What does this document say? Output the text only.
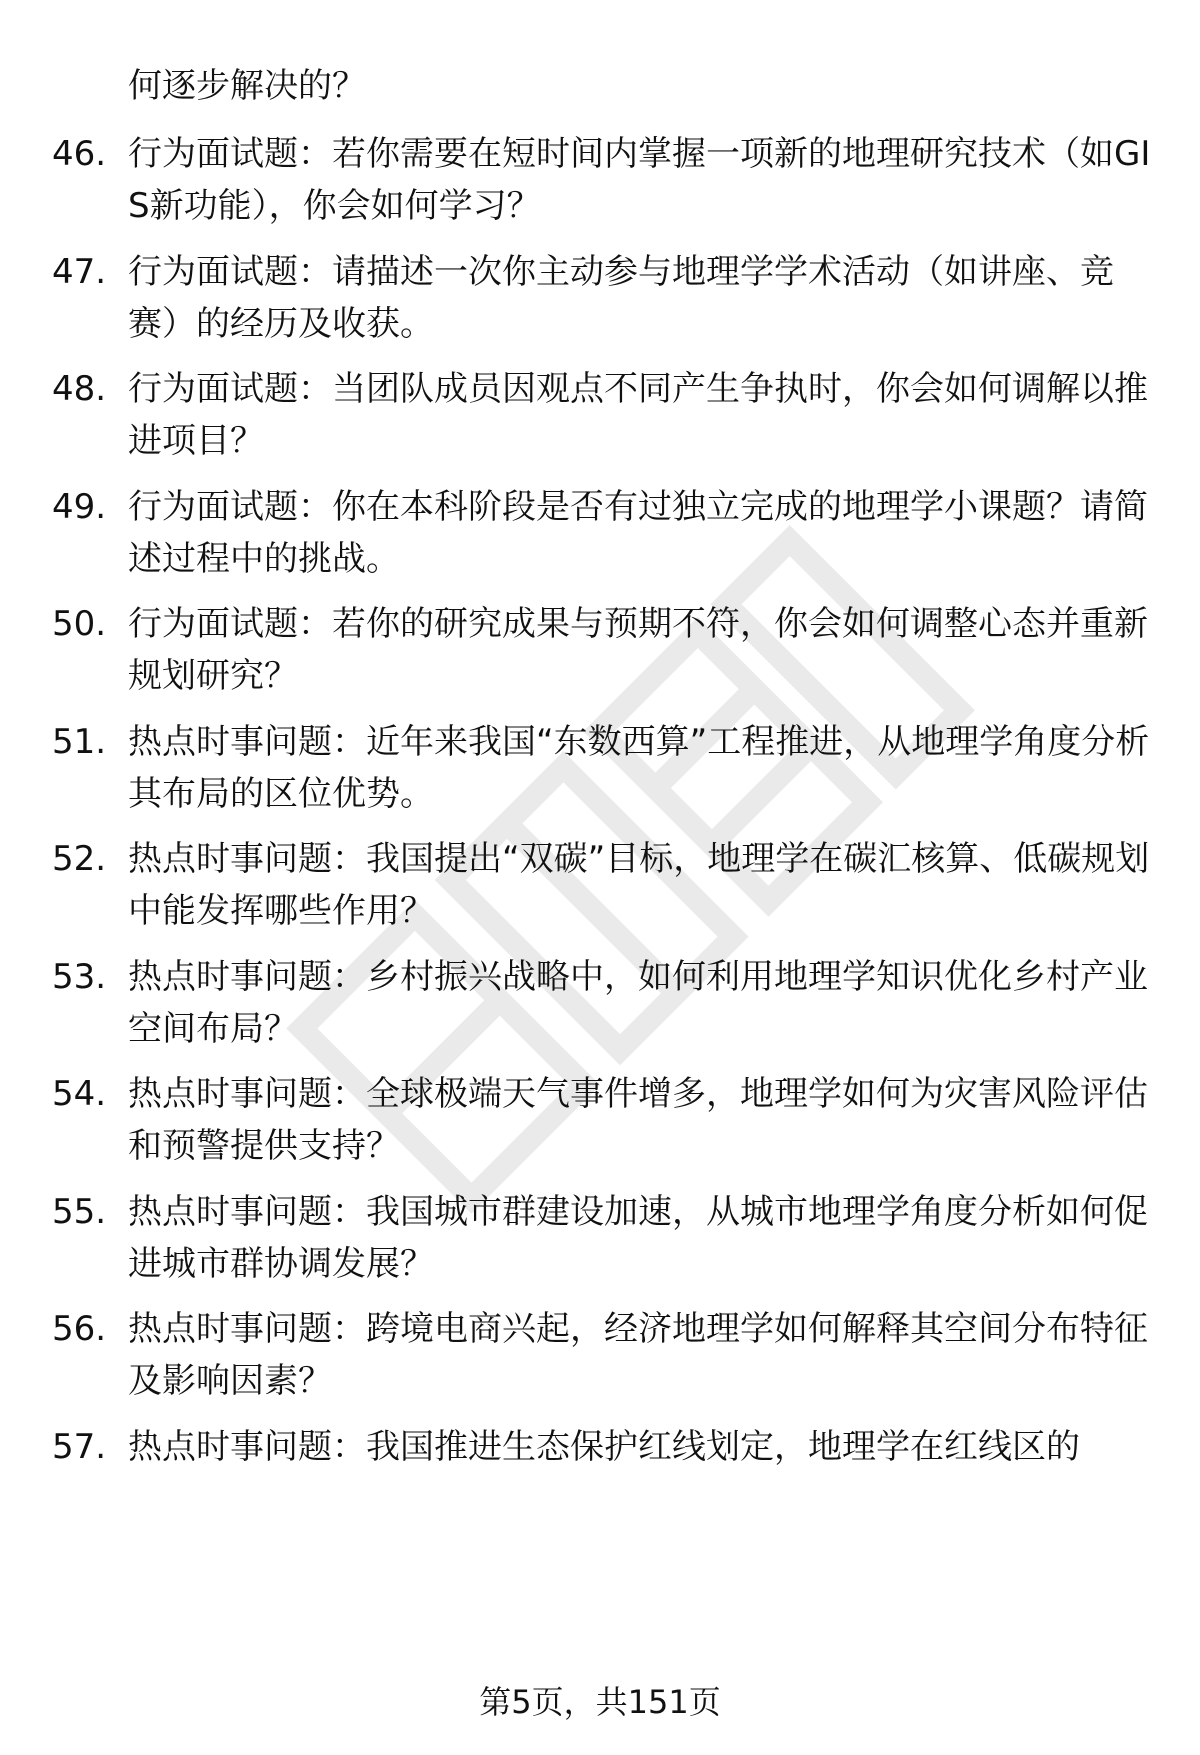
何逐步解决的？
46. 行为面试题：若你需要在短时间内掌握一项新的地理研究技术（如GIS新功能），你会如何学习？
47. 行为面试题：请描述一次你主动参与地理学学术活动（如讲座、竞赛）的经历及收获。
48. 行为面试题：当团队成员因观点不同产生争执时，你会如何调解以推进项目？
49. 行为面试题：你在本科阶段是否有过独立完成的地理学小课题？请简述过程中的挑战。
50. 行为面试题：若你的研究成果与预期不符，你会如何调整心态并重新规划研究？
51. 热点时事问题：近年来我国“东数西算”工程推进，从地理学角度分析其布局的区位优势。
52. 热点时事问题：我国提出“双碳”目标，地理学在碳汇核算、低碳规划中能发挥哪些作用？
53. 热点时事问题：乡村振兴战略中，如何利用地理学知识优化乡村产业空间布局？
54. 热点时事问题：全球极端天气事件增多，地理学如何为灾害风险评估和预警提供支持？
55. 热点时事问题：我国城市群建设加速，从城市地理学角度分析如何促进城市群协调发展？
56. 热点时事问题：跨境电商兴起，经济地理学如何解释其空间分布特征及影响因素？
57. 热点时事问题：我国推进生态保护红线划定，地理学在红线区的
第5页，共151页
